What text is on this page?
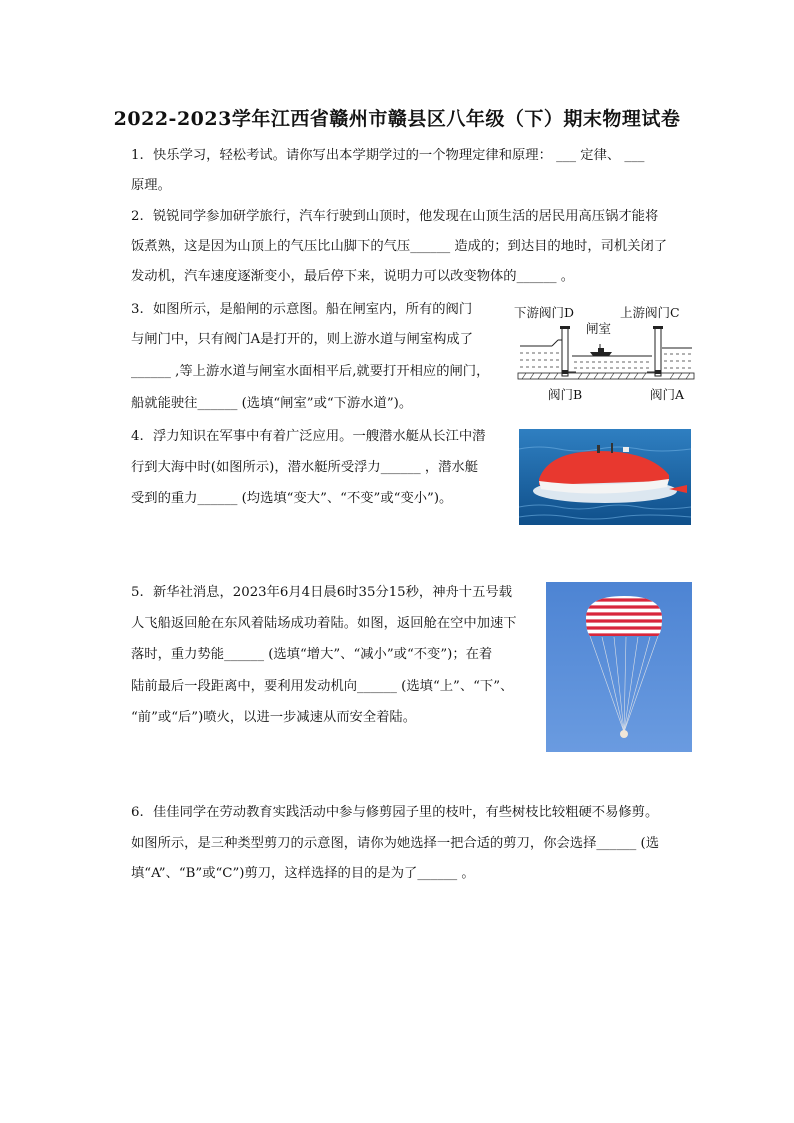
2022-2023学年江西省赣州市赣县区八年级（下）期末物理试卷
1. 快乐学习，轻松考试。请你写出本学期学过的一个物理定律和原理： ___ 定律、 ___
原理。
2. 锐锐同学参加研学旅行，汽车行驶到山顶时，他发现在山顶生活的居民用高压锅才能将
饭煮熟，这是因为山顶上的气压比山脚下的气压______ 造成的；到达目的地时，司机关闭了
发动机，汽车速度逐渐变小，最后停下来，说明力可以改变物体的______ 。
3. 如图所示，是船闸的示意图。船在闸室内，所有的阀门
与闸门中，只有阀门A是打开的，则上游水道与闸室构成了
______ ,等上游水道与闸室水面相平后,就要打开相应的闸门，
船就能驶往______ (选填“闸室”或“下游水道”)。
下游阀门D	上游阀门C
闸室
阀门B	阀门A
4. 浮力知识在军事中有着广泛应用。一艘潜水艇从长江中潜
行到大海中时(如图所示)，潜水艇所受浮力______ ，潜水艇
受到的重力______ (均选填“变大”、“不变”或“变小”)。
5. 新华社消息，2023年6月4日晨6时35分15秒，神舟十五号载
人飞船返回舱在东风着陆场成功着陆。如图，返回舱在空中加速下
落时，重力势能______ (选填“增大”、“减小”或“不变”)；在着
陆前最后一段距离中，要利用发动机向______ (选填“上”、“下”、
“前”或“后”)喷火，以进一步减速从而安全着陆。
6. 佳佳同学在劳动教育实践活动中参与修剪园子里的枝叶，有些树枝比较粗硬不易修剪。
如图所示，是三种类型剪刀的示意图，请你为她选择一把合适的剪刀，你会选择______ (选
填“A”、“B”或“C”)剪刀，这样选择的目的是为了______ 。
